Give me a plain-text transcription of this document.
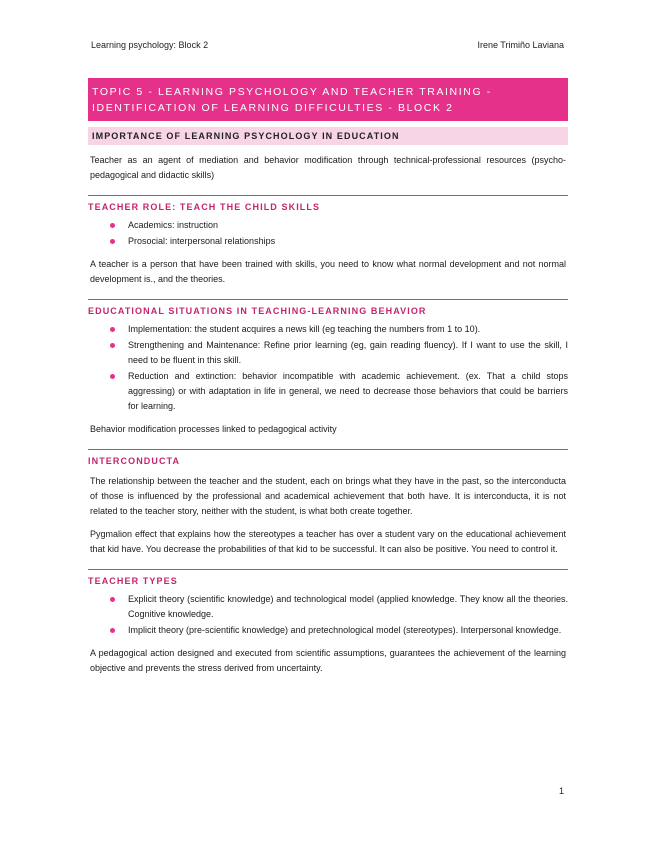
Learning psychology: Block 2	Irene Trimiño Laviana
TOPIC 5 - LEARNING PSYCHOLOGY AND TEACHER TRAINING - IDENTIFICATION OF LEARNING DIFFICULTIES - BLOCK 2
IMPORTANCE OF LEARNING PSYCHOLOGY IN EDUCATION

Teacher as an agent of mediation and behavior modification through technical-professional resources (psycho-pedagogical and didactic skills)

TEACHER ROLE: TEACH THE CHILD SKILLS
Academics: instruction
Prosocial: interpersonal relationships

A teacher is a person that have been trained with skills, you need to know what normal development and not normal development is., and the theories.

EDUCATIONAL SITUATIONS IN TEACHING-LEARNING BEHAVIOR
Implementation: the student acquires a news kill (eg teaching the numbers from 1 to 10).
Strengthening and Maintenance: Refine prior learning (eg, gain reading fluency). If I want to use the skill, I need to be fluent in this skill.
Reduction and extinction: behavior incompatible with academic achievement. (ex. That a child stops aggressing) or with adaptation in life in general, we need to decrease those behaviors that could be barriers for learning.

Behavior modification processes linked to pedagogical activity

INTERCONDUCTA

The relationship between the teacher and the student, each on brings what they have in the past, so the interconducta of those is influenced by the professional and academical achievement that both have. It is interconducta, it is not related to the teacher story, neither with the student, is what both create together.

Pygmalion effect that explains how the stereotypes a teacher has over a student vary on the educational achievement that kid have. You decrease the probabilities of that kid to be successful. It can also be positive. You need to control it.

TEACHER TYPES
Explicit theory (scientific knowledge) and technological model (applied knowledge. They know all the theories. Cognitive knowledge.
Implicit theory (pre-scientific knowledge) and pretechnological model (stereotypes). Interpersonal knowledge.

A pedagogical action designed and executed from scientific assumptions, guarantees the achievement of the learning objective and prevents the stress derived from uncertainty.

1
